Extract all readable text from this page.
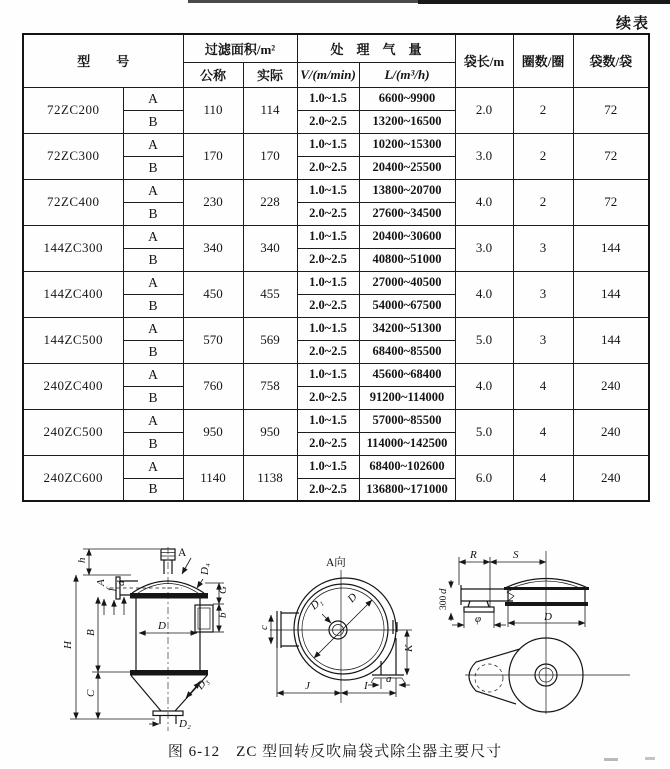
续表
型　　号		过滤面积/m²		处　理　气　量		袋长/m	圈数/圈	袋数/袋
		公称	实际	V/(m/min)	L/(m³/h)			
72ZC200	A	110	114	1.0~1.5	6600~9900	2.0	2	72
	B			2.0~2.5	13200~16500			
72ZC300	A	170	170	1.0~1.5	10200~15300	3.0	2	72
	B			2.0~2.5	20400~25500			
72ZC400	A	230	228	1.0~1.5	13800~20700	4.0	2	72
	B			2.0~2.5	27600~34500			
144ZC300	A	340	340	1.0~1.5	20400~30600	3.0	3	144
	B			2.0~2.5	40800~51000			
144ZC400	A	450	455	1.0~1.5	27000~40500	4.0	3	144
	B			2.0~2.5	54000~67500			
144ZC500	A	570	569	1.0~1.5	34200~51300	5.0	3	144
	B			2.0~2.5	68400~85500			
240ZC400	A	760	758	1.0~1.5	45600~68400	4.0	4	240
	B			2.0~2.5	91200~114000			
240ZC500	A	950	950	1.0~1.5	57000~85500	5.0	4	240
	B			2.0~2.5	114000~142500			
240ZC600	A	1140	1138	1.0~1.5	68400~102600	6.0	4	240
	B			2.0~2.5	136800~171000			
H
h
B
C
A
f
d
D
G
b
D₄
A
D₃
D₂
A向
c
D
D₁
K
a
J	I
R	S
d
300
φ	D
图 6-12　ZC 型回转反吹扁袋式除尘器主要尺寸
